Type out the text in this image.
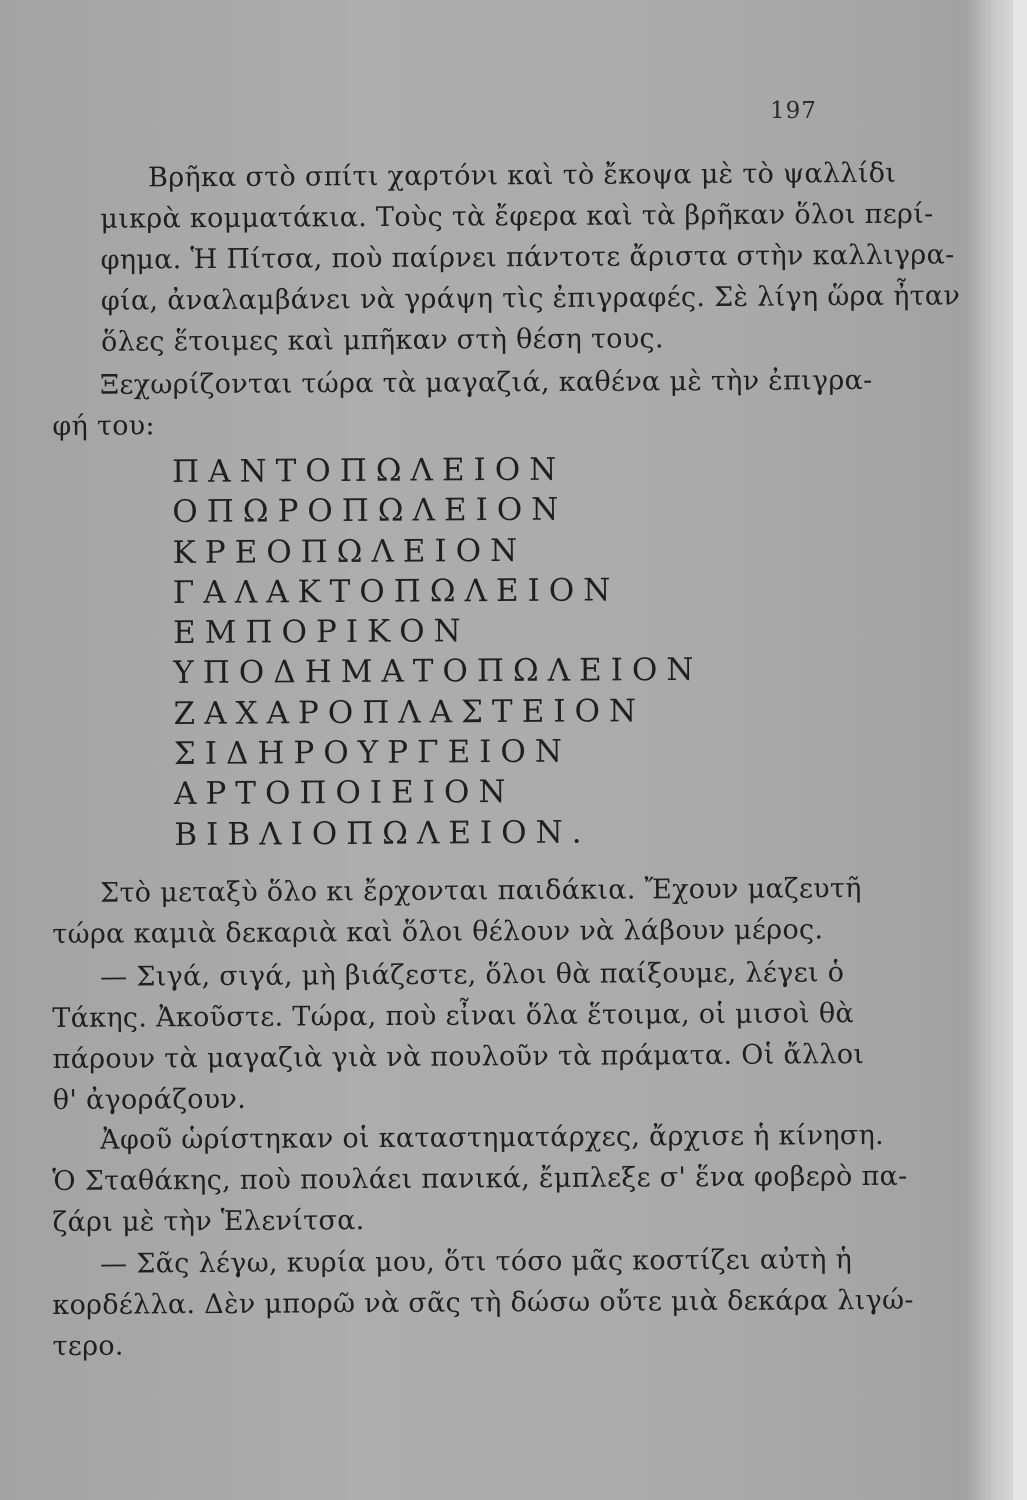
197

Βρῆκα στὸ σπίτι χαρτόνι καὶ τὸ ἔκοψα μὲ τὸ ψαλλίδι
μικρὰ κομματάκια. Τοὺς τὰ ἔφερα καὶ τὰ βρῆκαν ὅλοι περί-
φημα. Ἡ Πίτσα, ποὺ παίρνει πάντοτε ἄριστα στὴν καλλιγρα-
φία, ἀναλαμβάνει νὰ γράψη τὶς ἐπιγραφές. Σὲ λίγη ὥρα ἦταν
ὅλες ἕτοιμες καὶ μπῆκαν στὴ θέση τους.

Ξεχωρίζονται τώρα τὰ μαγαζιά, καθένα μὲ τὴν ἐπιγρα-
φή του:

ΠΑΝΤΟΠΩΛΕΙΟΝ
ΟΠΩΡΟΠΩΛΕΙΟΝ
ΚΡΕΟΠΩΛΕΙΟΝ
ΓΑΛΑΚΤΟΠΩΛΕΙΟΝ
ΕΜΠΟΡΙΚΟΝ
ΥΠΟΔΗΜΑΤΟΠΩΛΕΙΟΝ
ΖΑΧΑΡΟΠΛΑΣΤΕΙΟΝ
ΣΙΔΗΡΟΥΡΓΕΙΟΝ
ΑΡΤΟΠΟΙΕΙΟΝ
ΒΙΒΛΙΟΠΩΛΕΙΟΝ.

Στὸ μεταξὺ ὅλο κι ἔρχονται παιδάκια. Ἔχουν μαζευτῆ
τώρα καμιὰ δεκαριὰ καὶ ὅλοι θέλουν νὰ λάβουν μέρος.

— Σιγά, σιγά, μὴ βιάζεστε, ὅλοι θὰ παίξουμε, λέγει ὁ
Τάκης. Ἀκοῦστε. Τώρα, ποὺ εἶναι ὅλα ἕτοιμα, οἱ μισοὶ θὰ
πάρουν τὰ μαγαζιὰ γιὰ νὰ πουλοῦν τὰ πράματα. Οἱ ἄλλοι
θ' ἀγοράζουν.

Ἀφοῦ ὡρίστηκαν οἱ καταστηματάρχες, ἄρχισε ἡ κίνηση.
Ὁ Σταθάκης, ποὺ πουλάει πανικά, ἔμπλεξε σ' ἕνα φοβερὸ πα-
ζάρι μὲ τὴν Ἑλενίτσα.

— Σᾶς λέγω, κυρία μου, ὅτι τόσο μᾶς κοστίζει αὐτὴ ἡ
κορδέλλα. Δὲν μπορῶ νὰ σᾶς τὴ δώσω οὔτε μιὰ δεκάρα λιγώ-
τερο.
